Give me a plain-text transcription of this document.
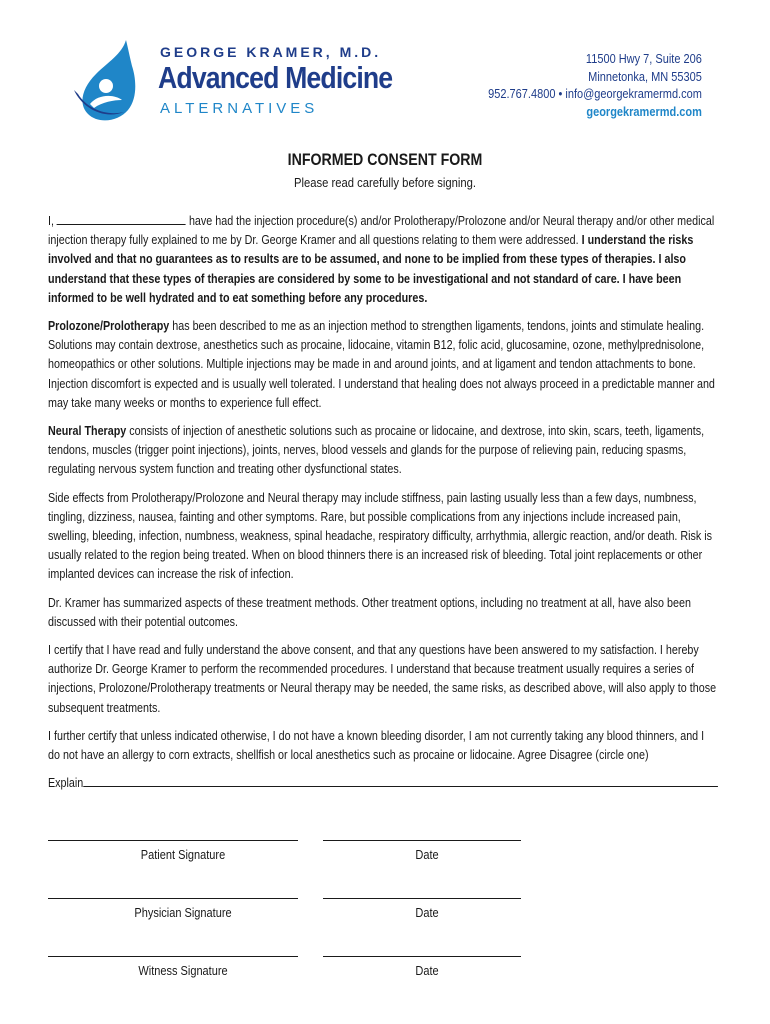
GEORGE KRAMER, M.D.
Advanced Medicine
ALTERNATIVES
11500 Hwy 7, Suite 206
Minnetonka, MN 55305
952.767.4800 • info@georgekramermd.com
georgekramermd.com
INFORMED CONSENT FORM
Please read carefully before signing.

I,	have had the injection procedure(s) and/or Prolotherapy/Prolozone and/or Neural therapy and/or other medical injection therapy fully explained to me by Dr. George Kramer and all questions relating to them were addressed. I understand the risks involved and that no guarantees as to results are to be assumed, and none to be implied from these types of therapies. I also understand that these types of therapies are considered by some to be investigational and not standard of care. I have been informed to be well hydrated and to eat something before any procedures.

Prolozone/Prolotherapy has been described to me as an injection method to strengthen ligaments, tendons, joints and stimulate healing. Solutions may contain dextrose, anesthetics such as procaine, lidocaine, vitamin B12, folic acid, glucosamine, ozone, methylprednisolone, homeopathics or other solutions. Multiple injections may be made in and around joints, and at ligament and tendon attachments to bone. Injection discomfort is expected and is usually well tolerated. I understand that healing does not always proceed in a predictable manner and may take many weeks or months to experience full effect.

Neural Therapy consists of injection of anesthetic solutions such as procaine or lidocaine, and dextrose, into skin, scars, teeth, ligaments, tendons, muscles (trigger point injections), joints, nerves, blood vessels and glands for the purpose of relieving pain, reducing spasms, regulating nervous system function and treating other dysfunctional states.

Side effects from Prolotherapy/Prolozone and Neural therapy may include stiffness, pain lasting usually less than a few days, numbness, tingling, dizziness, nausea, fainting and other symptoms. Rare, but possible complications from any injections include increased pain, swelling, bleeding, infection, numbness, weakness, spinal headache, respiratory difficulty, arrhythmia, allergic reaction, and/or death. Risk is usually related to the region being treated. When on blood thinners there is an increased risk of bleeding. Total joint replacements or other implanted devices can increase the risk of infection.

Dr. Kramer has summarized aspects of these treatment methods. Other treatment options, including no treatment at all, have also been discussed with their potential outcomes.

I certify that I have read and fully understand the above consent, and that any questions have been answered to my satisfaction. I hereby authorize Dr. George Kramer to perform the recommended procedures. I understand that because treatment usually requires a series of injections, Prolozone/Prolotherapy treatments or Neural therapy may be needed, the same risks, as described above, will also apply to those subsequent treatments.

I further certify that unless indicated otherwise, I do not have a known bleeding disorder, I am not currently taking any blood thinners, and I do not have an allergy to corn extracts, shellfish or local anesthetics such as procaine or lidocaine. Agree Disagree (circle one)

Explain

Patient Signature	Date
Physician Signature	Date
Witness Signature	Date
